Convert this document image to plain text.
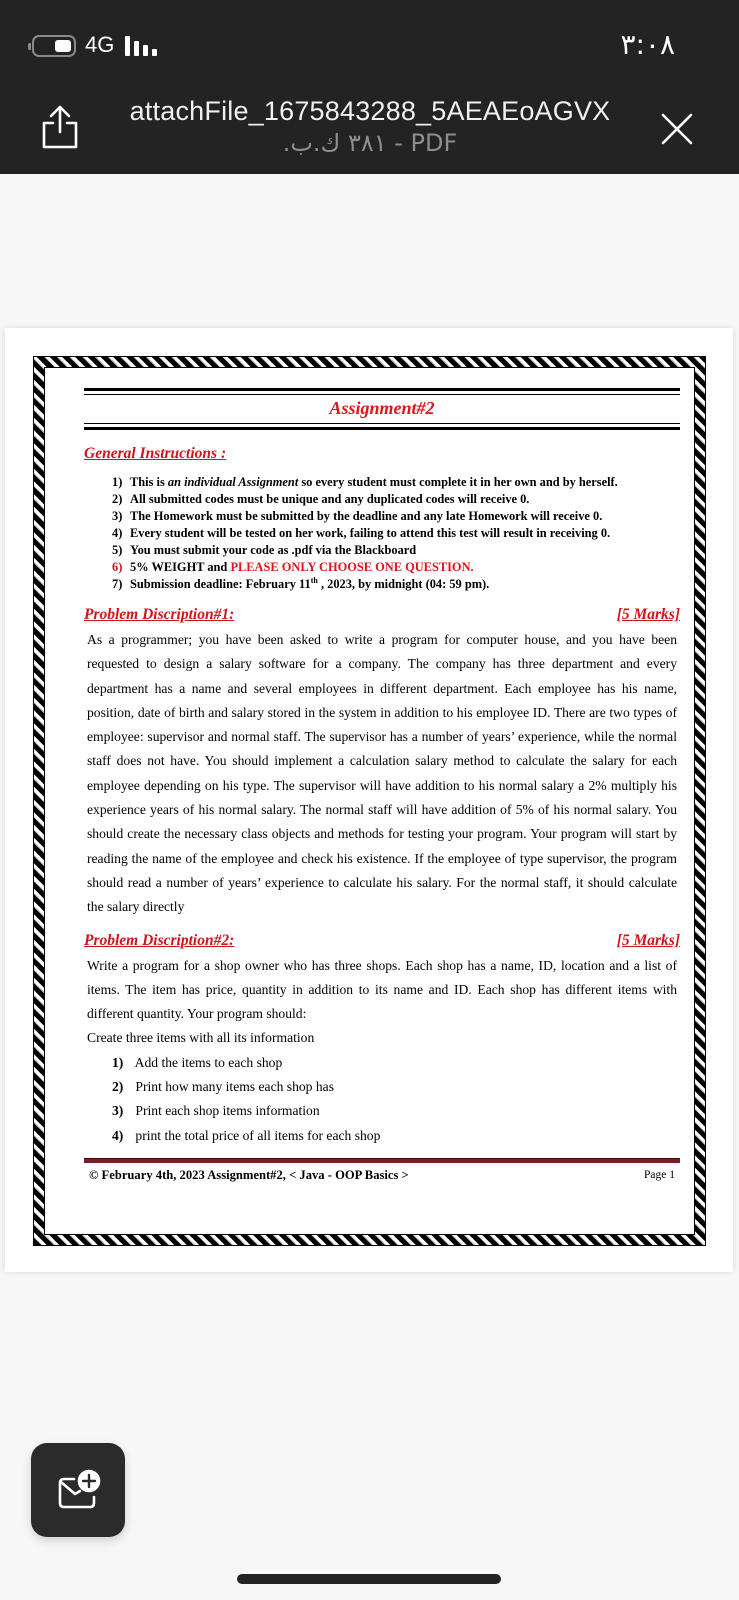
4G	٣:٠٨
attachFile_1675843288_5AEAEoAGVX
PDF - ٣٨١ ك.ب.
Assignment#2
General Instructions :
1) This is an individual Assignment so every student must complete it in her own and by herself.
2) All submitted codes must be unique and any duplicated codes will receive 0.
3) The Homework must be submitted by the deadline and any late Homework will receive 0.
4) Every student will be tested on her work, failing to attend this test will result in receiving 0.
5) You must submit your code as .pdf via the Blackboard
6) 5% WEIGHT and PLEASE ONLY CHOOSE ONE QUESTION.
7) Submission deadline: February 11th , 2023, by midnight (04: 59 pm).
Problem Discription#1:	[5 Marks]

As a programmer; you have been asked to write a program for computer house, and you have been requested to design a salary software for a company. The company has three department and every department has a name and several employees in different department. Each employee has his name, position, date of birth and salary stored in the system in addition to his employee ID. There are two types of employee: supervisor and normal staff. The supervisor has a number of years’ experience, while the normal staff does not have. You should implement a calculation salary method to calculate the salary for each employee depending on his type. The supervisor will have addition to his normal salary a 2% multiply his experience years of his normal salary. The normal staff will have addition of 5% of his normal salary. You should create the necessary class objects and methods for testing your program. Your program will start by reading the name of the employee and check his existence. If the employee of type supervisor, the program should read a number of years’ experience to calculate his salary. For the normal staff, it should calculate the salary directly

Problem Discription#2:	[5 Marks]

Write a program for a shop owner who has three shops. Each shop has a name, ID, location and a list of items. The item has price, quantity in addition to its name and ID. Each shop has different items with different quantity. Your program should:

Create three items with all its information

1) Add the items to each shop
2) Print how many items each shop has
3) Print each shop items information
4) print the total price of all items for each shop
© February 4th, 2023 Assignment#2, < Java - OOP Basics >	Page 1
